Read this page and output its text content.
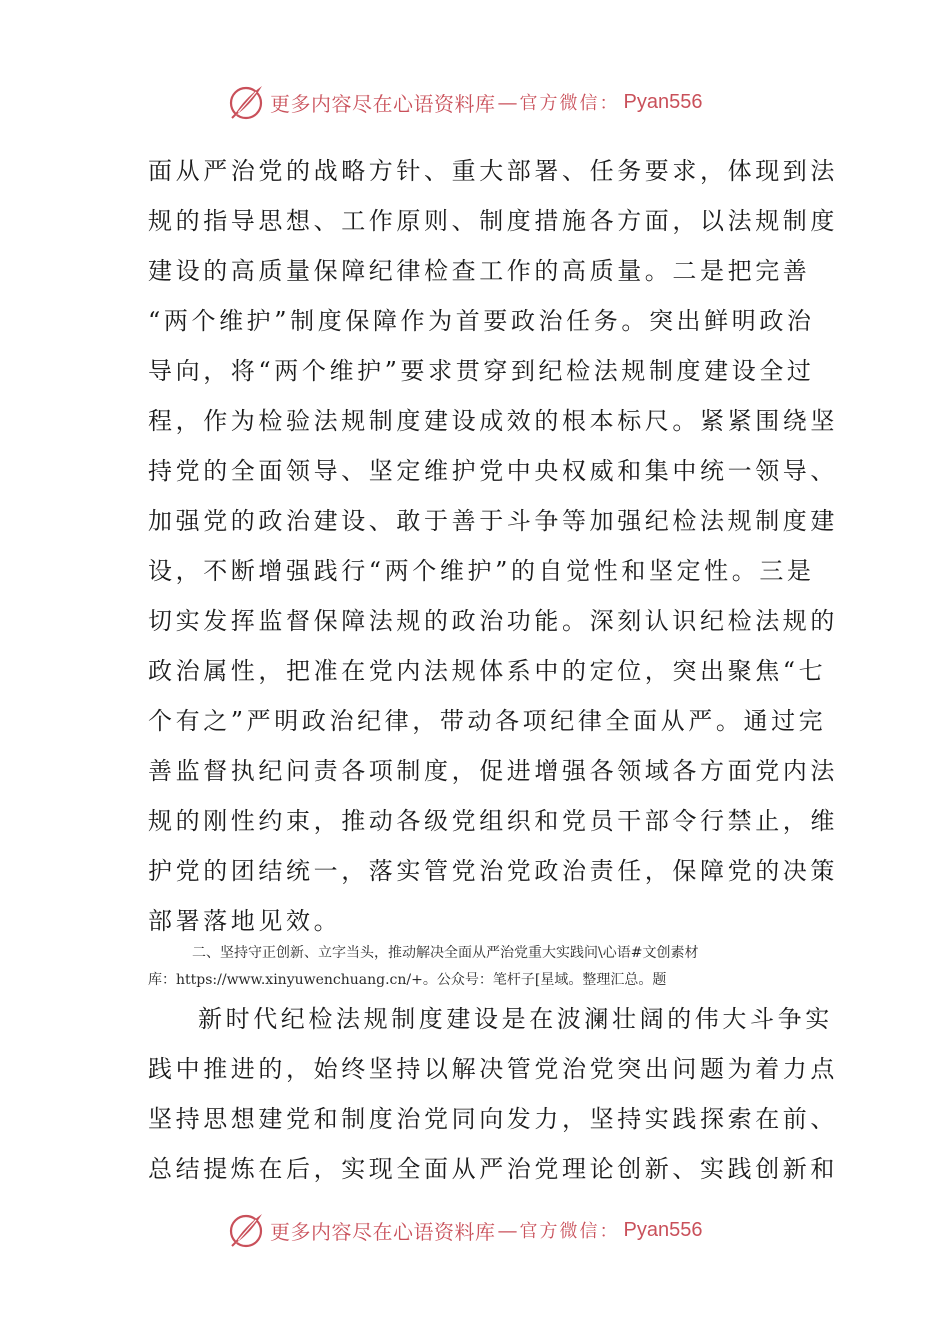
更多内容尽在心语资料库 — 官方微信： Pyan556
面从严治党的战略方针、重大部署、任务要求，体现到法
规的指导思想、工作原则、制度措施各方面，以法规制度
建设的高质量保障纪律检查工作的高质量。二是把完善
“两个维护”制度保障作为首要政治任务。突出鲜明政治
导向，将“两个维护”要求贯穿到纪检法规制度建设全过
程，作为检验法规制度建设成效的根本标尺。紧紧围绕坚
持党的全面领导、坚定维护党中央权威和集中统一领导、
加强党的政治建设、敢于善于斗争等加强纪检法规制度建
设，不断增强践行“两个维护”的自觉性和坚定性。三是
切实发挥监督保障法规的政治功能。深刻认识纪检法规的
政治属性，把准在党内法规体系中的定位，突出聚焦“七
个有之”严明政治纪律，带动各项纪律全面从严。通过完
善监督执纪问责各项制度，促进增强各领域各方面党内法
规的刚性约束，推动各级党组织和党员干部令行禁止，维
护党的团结统一，落实管党治党政治责任，保障党的决策
部署落地见效。
二、坚持守正创新、立字当头，推动解决全面从严治党重大实践问\心语#文创素材
库：https://www.xinyuwenchuang.cn/+。公众号：笔杆子[星域。整理汇总。题
新时代纪检法规制度建设是在波澜壮阔的伟大斗争实
践中推进的，始终坚持以解决管党治党突出问题为着力点
坚持思想建党和制度治党同向发力，坚持实践探索在前、
总结提炼在后，实现全面从严治党理论创新、实践创新和
更多内容尽在心语资料库 — 官方微信： Pyan556
